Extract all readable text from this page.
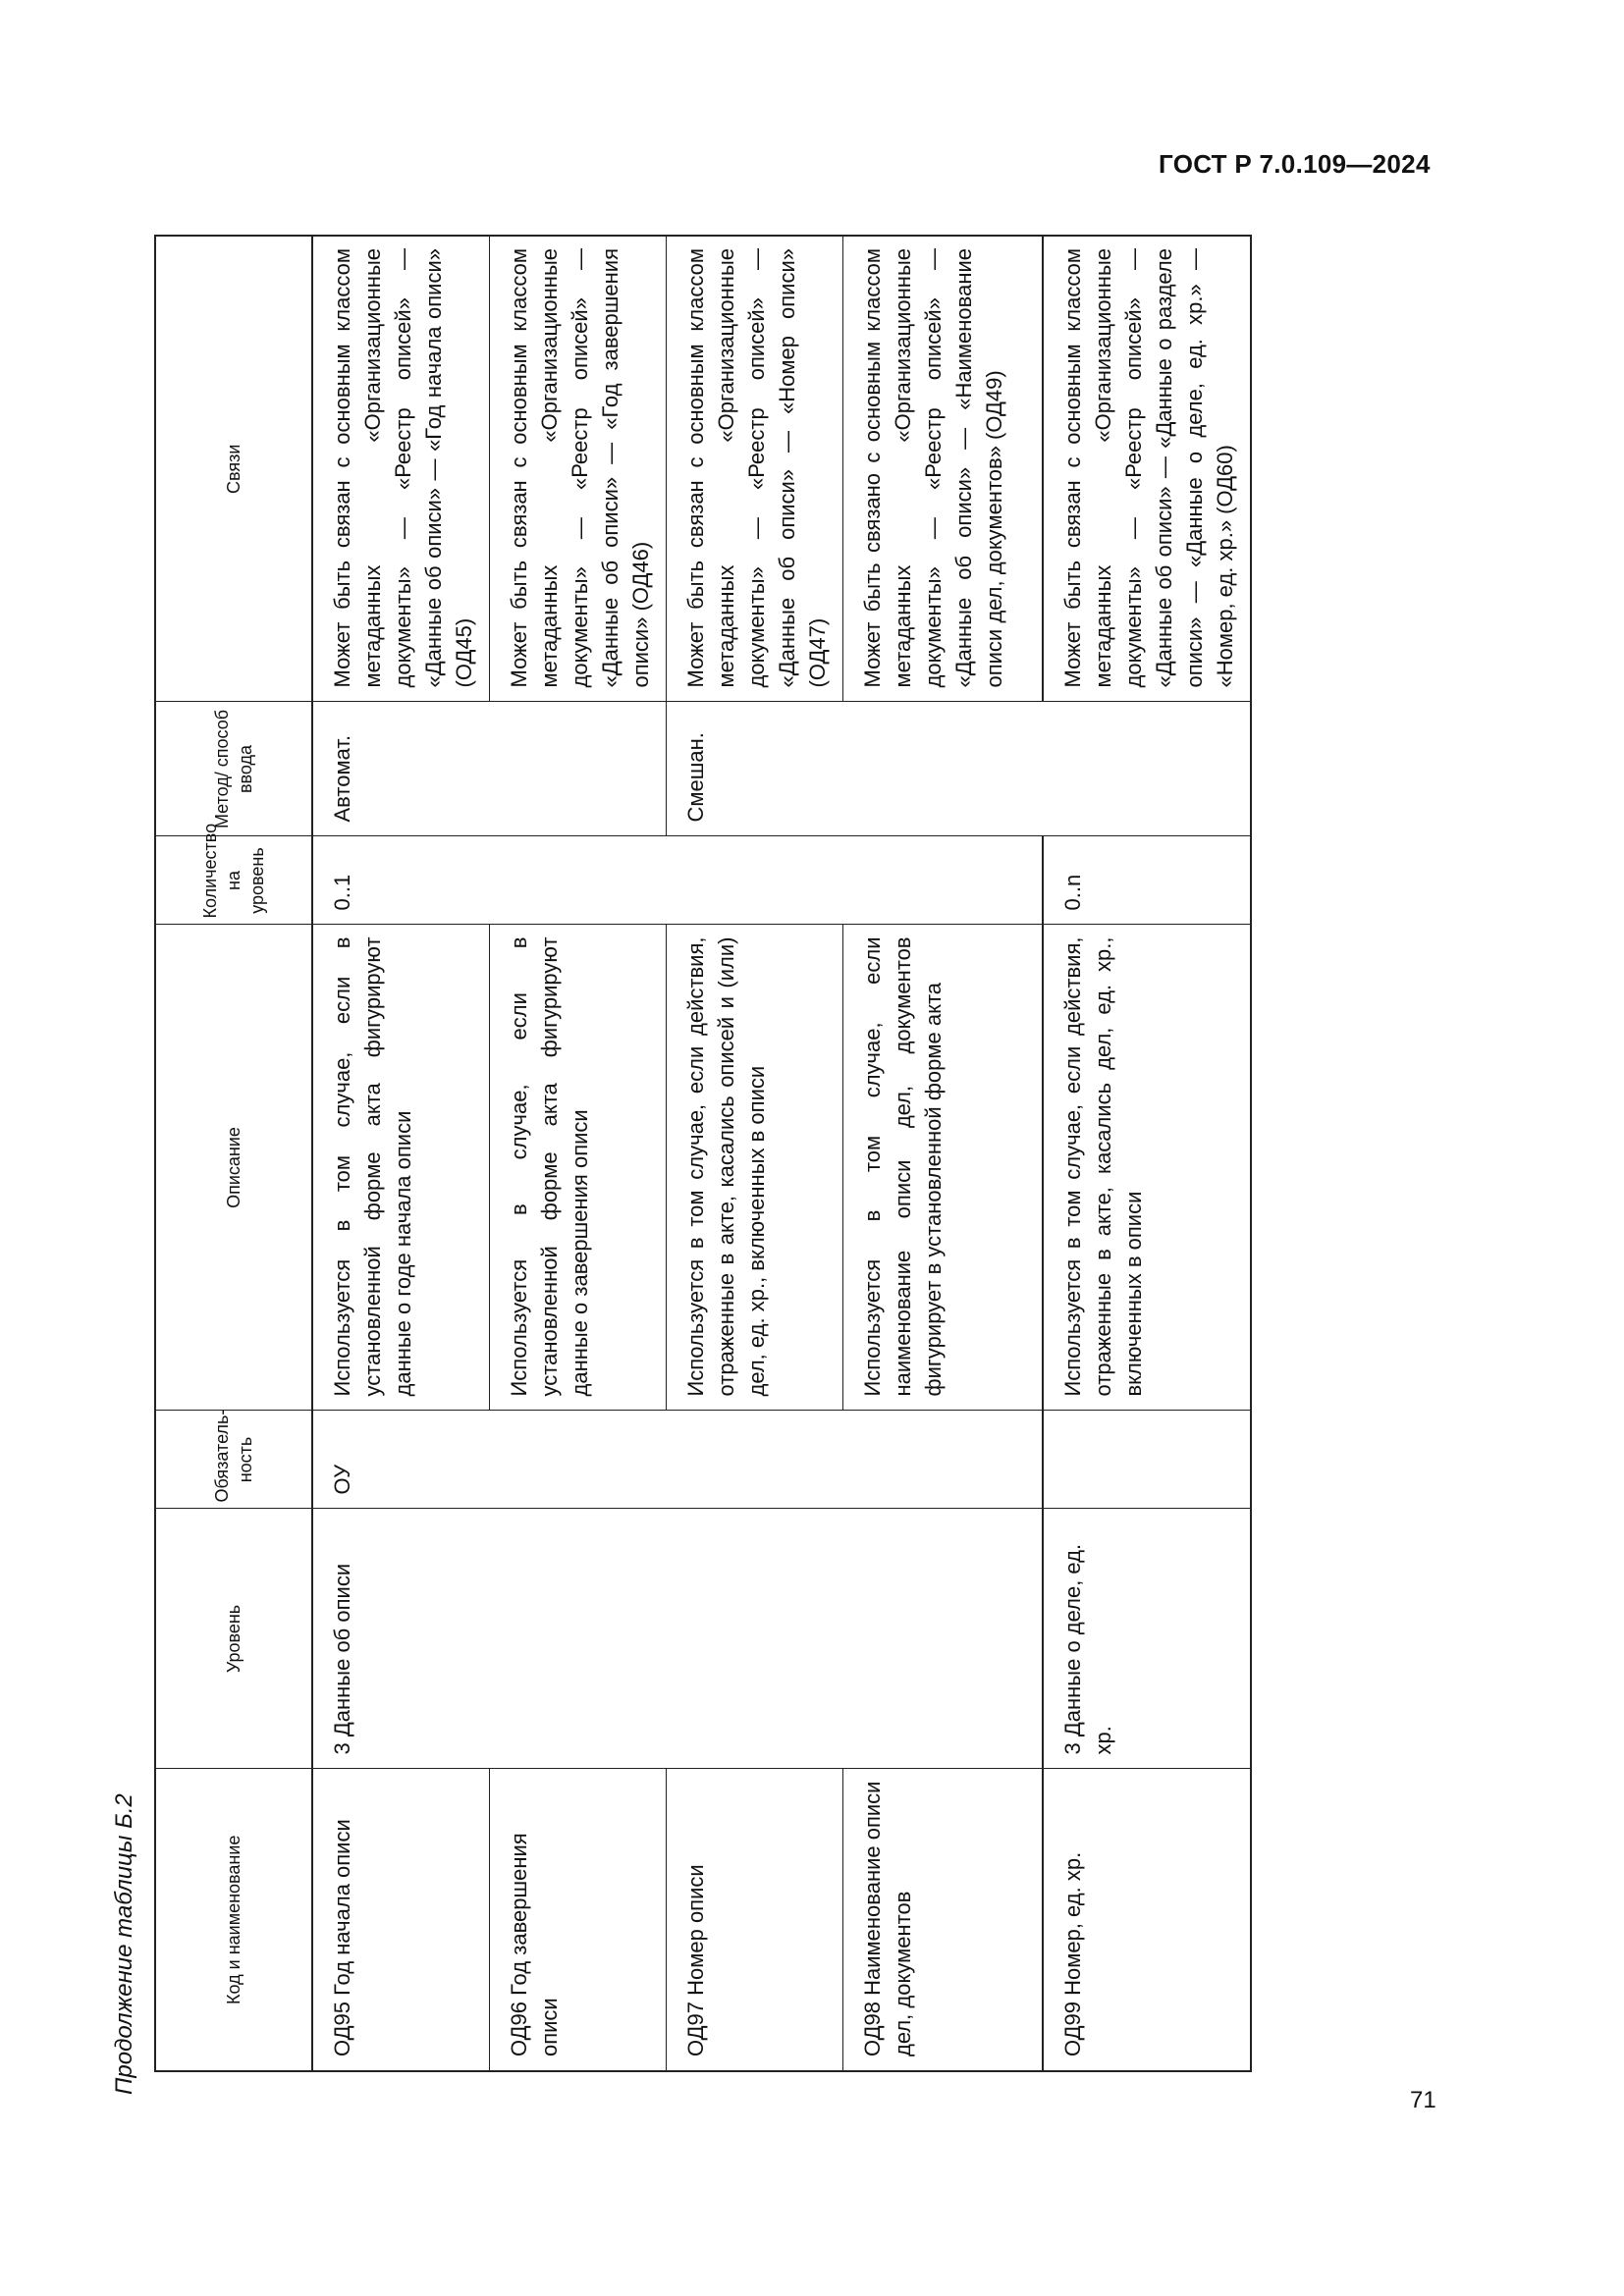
ГОСТ Р 7.0.109—2024
71
Продолжение таблицы Б.2	Код и наименование	Уровень	Обязатель-ность	Описание	Количество на уровень	Метод/ способ ввода	Связи
ОД95 Год начала описи	3 Данные об описи	ОУ	Используется в том случае, если в установленной форме акта фигурируют данные о годе начала описи	0..1	Автомат.	Может быть связан с основным классом метаданных «Организационные документы» — «Реестр описей» — «Данные об описи» — «Год начала описи» (ОД45)
ОД96 Год завершения описи			Используется в случае, если в установленной форме акта фигурируют данные о завершения описи			Может быть связан с основным классом метаданных «Организационные документы» — «Реестр описей» — «Данные об описи» — «Год завершения описи» (ОД46)
ОД97 Номер описи			Используется в том случае, если действия, отраженные в акте, касались описей и (или) дел, ед. хр., включенных в описи		Смешан.	Может быть связан с основным классом метаданных «Организационные документы» — «Реестр описей» — «Данные об описи» — «Номер описи» (ОД47)
ОД98 Наименование описи дел, документов			Используется в том случае, если наименование описи дел, документов фигурирует в установленной форме акта			Может быть связано с основным классом метаданных «Организационные документы» — «Реестр описей» — «Данные об описи» — «Наименование описи дел, документов» (ОД49)
ОД99 Номер, ед. хр.	3 Данные о деле, ед. хр.		Используется в том случае, если действия, отраженные в акте, касались дел, ед. хр., включенных в описи	0..n		Может быть связан с основным классом метаданных «Организационные документы» — «Реестр описей» — «Данные об описи» — «Данные о разделе описи» — «Данные о деле, ед. хр.» — «Номер, ед. хр.» (ОД60)
